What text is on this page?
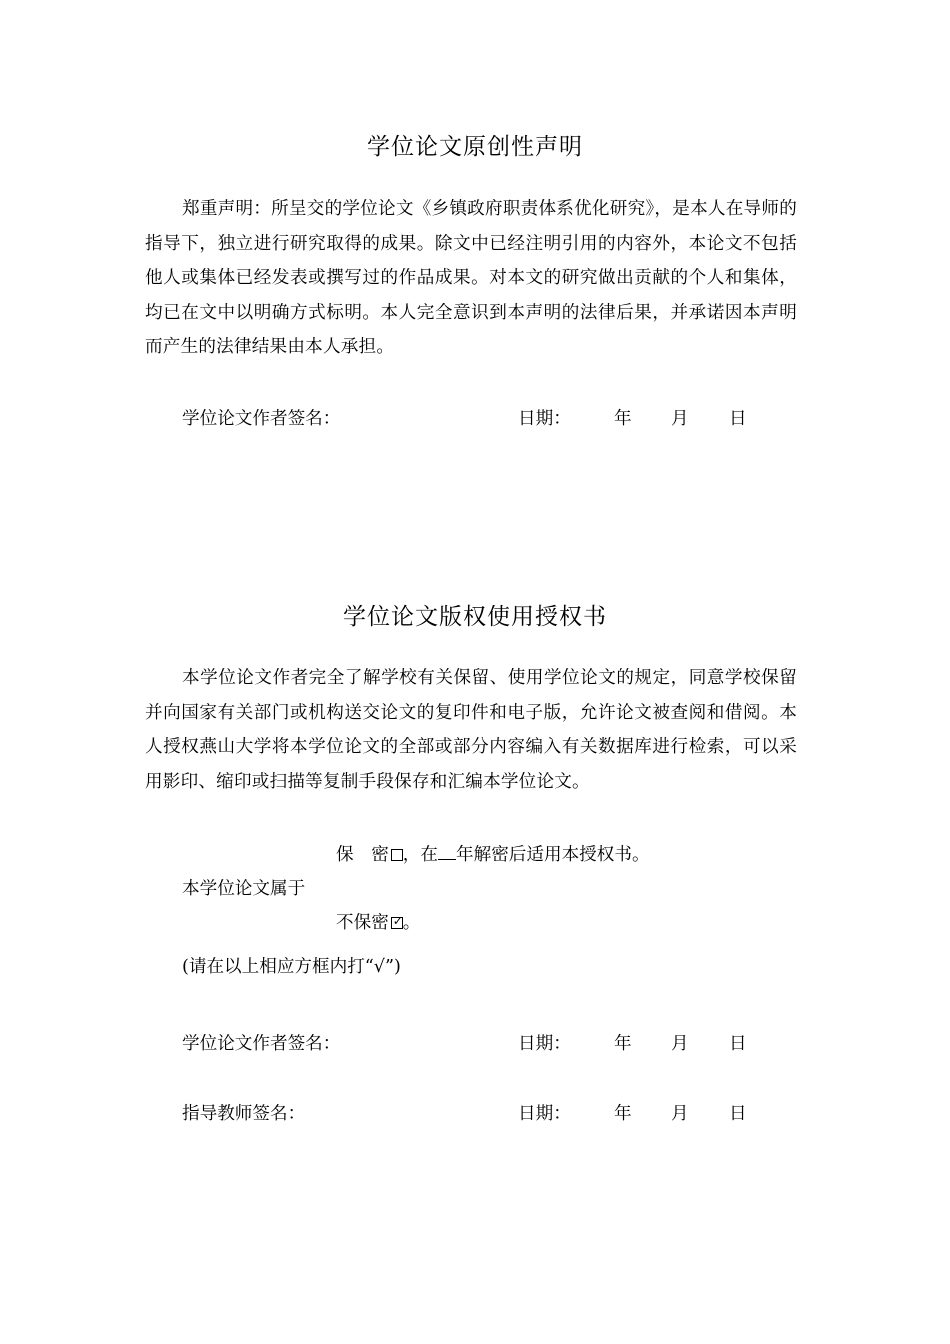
学位论文原创性声明
郑重声明：所呈交的学位论文《乡镇政府职责体系优化研究》，是本人在导师的指导下，独立进行研究取得的成果。除文中已经注明引用的内容外，本论文不包括他人或集体已经发表或撰写过的作品成果。对本文的研究做出贡献的个人和集体，均已在文中以明确方式标明。本人完全意识到本声明的法律后果，并承诺因本声明而产生的法律结果由本人承担。
学位论文作者签名：	日期： 年 月 日
学位论文版权使用授权书
本学位论文作者完全了解学校有关保留、使用学位论文的规定，同意学校保留并向国家有关部门或机构送交论文的复印件和电子版，允许论文被查阅和借阅。本人授权燕山大学将本学位论文的全部或部分内容编入有关数据库进行检索，可以采用影印、缩印或扫描等复制手段保存和汇编本学位论文。
保　密 ，在 年解密后适用本授权书。
本学位论文属于
不保密 ✓ 。
(请在以上相应方框内打“√”)
学位论文作者签名：	日期： 年 月 日
指导教师签名：	日期： 年 月 日
